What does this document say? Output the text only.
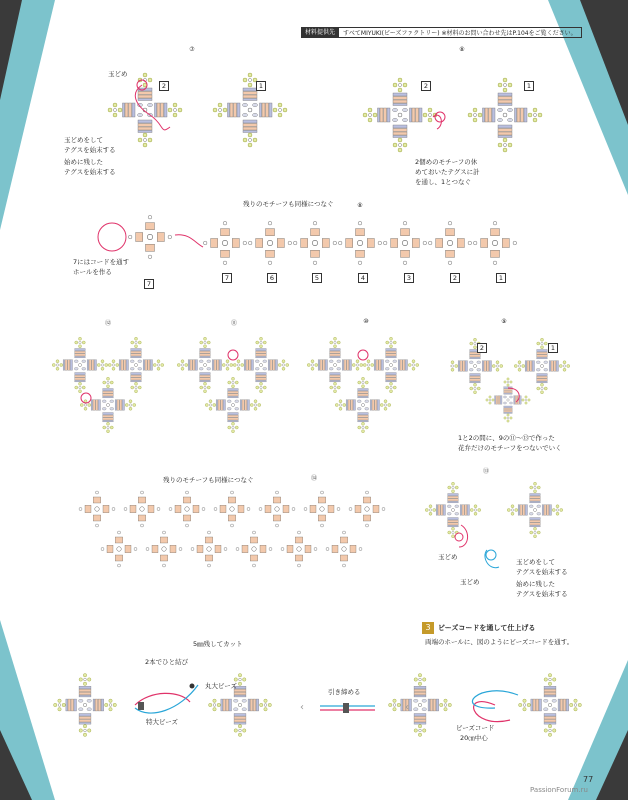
材料提供先	すべてMIYUKI(ビーズファクトリー) ※材料のお問い合わせ先はP.104をご覧ください。
⑦
玉どめ
2	1
玉どめをして
テグスを始末する
始めに残した
テグスを始末する
⑧
2	1
2個めのモチーフの休
めておいたテグスに計
を通し、1とつなぐ
残りのモチーフも同様につなぐ	⑧
7
7にはコードを通す
ホールを作る
7	6	5	4	3	2	1
⑫	⑪	⑩	⑨
2	1
1と2の間に、9の⑪〜⑬で作った
花弁だけのモチーフをつないでいく
残りのモチーフも同様につなぐ	⑭
⑬
玉どめ
玉どめ
玉どめをして
テグスを始末する
始めに残した
テグスを始末する
3	ビーズコードを通して仕上げる
両端のホールに、図のようにビーズコードを通す。
‹	‹
5㎜残してカット
2本でひと結び
丸大ビーズ
特大ビーズ
引き締める
ビーズコード
20㎝中心
77
PassionForum.ru
